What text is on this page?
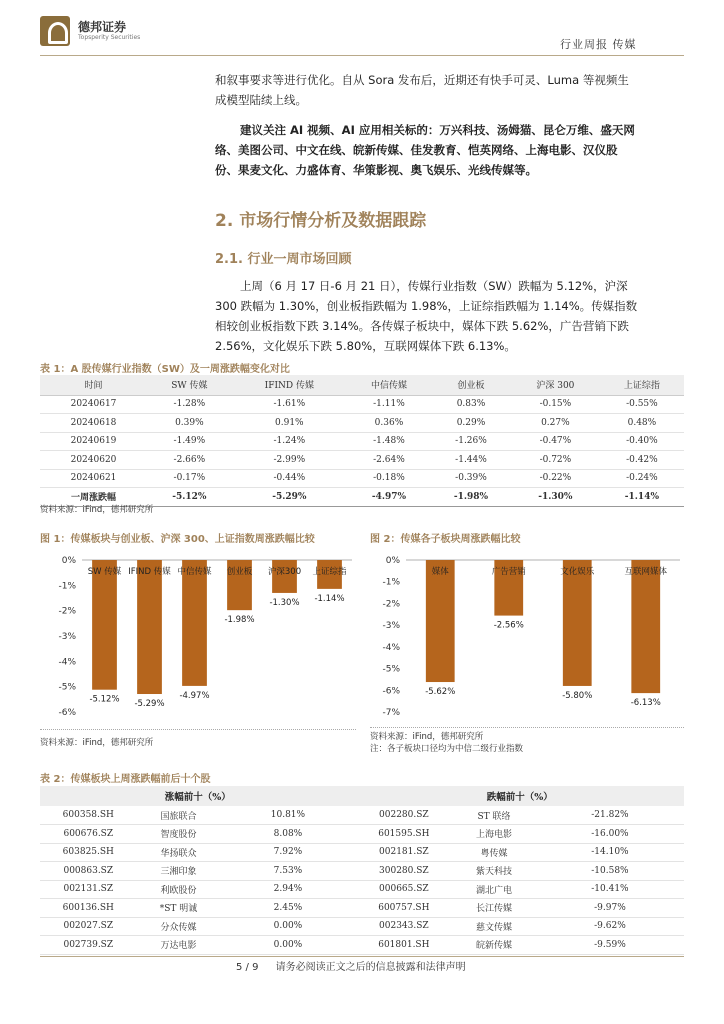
德邦证券
Topsperity Securities
行业周报 传媒
和叙事要求等进行优化。自从 Sora 发布后，近期还有快手可灵、Luma 等视频生
成模型陆续上线。
建议关注 AI 视频、AI 应用相关标的：万兴科技、汤姆猫、昆仑万维、盛天网
络、美图公司、中文在线、皖新传媒、佳发教育、恺英网络、上海电影、汉仪股
份、果麦文化、力盛体育、华策影视、奥飞娱乐、光线传媒等。
2. 市场行情分析及数据跟踪
2.1. 行业一周市场回顾
上周（6 月 17 日-6 月 21 日），传媒行业指数（SW）跌幅为 5.12%，沪深
300 跌幅为 1.30%，创业板指跌幅为 1.98%，上证综指跌幅为 1.14%。传媒指数
相较创业板指数下跌 3.14%。各传媒子板块中，媒体下跌 5.62%，广告营销下跌
2.56%，文化娱乐下跌 5.80%，互联网媒体下跌 6.13%。
表 1：A 股传媒行业指数（SW）及一周涨跌幅变化对比
时间	SW 传媒	IFIND 传媒	中信传媒	创业板	沪深 300	上证综指
20240617	-1.28%	-1.61%	-1.11%	0.83%	-0.15%	-0.55%
20240618	0.39%	0.91%	0.36%	0.29%	0.27%	0.48%
20240619	-1.49%	-1.24%	-1.48%	-1.26%	-0.47%	-0.40%
20240620	-2.66%	-2.99%	-2.64%	-1.44%	-0.72%	-0.42%
20240621	-0.17%	-0.44%	-0.18%	-0.39%	-0.22%	-0.24%
一周涨跌幅	-5.12%	-5.29%	-4.97%	-1.98%	-1.30%	-1.14%
资料来源：iFind，德邦研究所
图 1：传媒板块与创业板、沪深 300、上证指数周涨跌幅比较	图 2：传媒各子板块周涨跌幅比较
0%
-1%
-2%
-3%
-4%
-5%
-6%
SW 传媒
-5.12%
IFIND 传媒
-5.29%
中信传媒
-4.97%
创业板
-1.98%
沪深300
-1.30%
上证综指
-1.14%
0%
-1%
-2%
-3%
-4%
-5%
-6%
-7%
媒体
-5.62%
广告营销
-2.56%
文化娱乐
-5.80%
互联网媒体
-6.13%
资料来源：iFind，德邦研究所
资料来源：iFind，德邦研究所
注：各子板块口径均为中信二级行业指数
表 2：传媒板块上周涨跌幅前后十个股
涨幅前十（%）			跌幅前十（%）		
600358.SH	国旅联合	10.81%	002280.SZ	ST 联络	-21.82%
600676.SZ	智度股份	8.08%	601595.SH	上海电影	-16.00%
603825.SH	华扬联众	7.92%	002181.SZ	粤传媒	-14.10%
000863.SZ	三湘印象	7.53%	300280.SZ	紫天科技	-10.58%
002131.SZ	利欧股份	2.94%	000665.SZ	湖北广电	-10.41%
600136.SH	*ST 明诚	2.45%	600757.SH	长江传媒	-9.97%
002027.SZ	分众传媒	0.00%	002343.SZ	慈文传媒	-9.62%
002739.SZ	万达电影	0.00%	601801.SH	皖新传媒	-9.59%
5 / 9 请务必阅读正文之后的信息披露和法律声明
